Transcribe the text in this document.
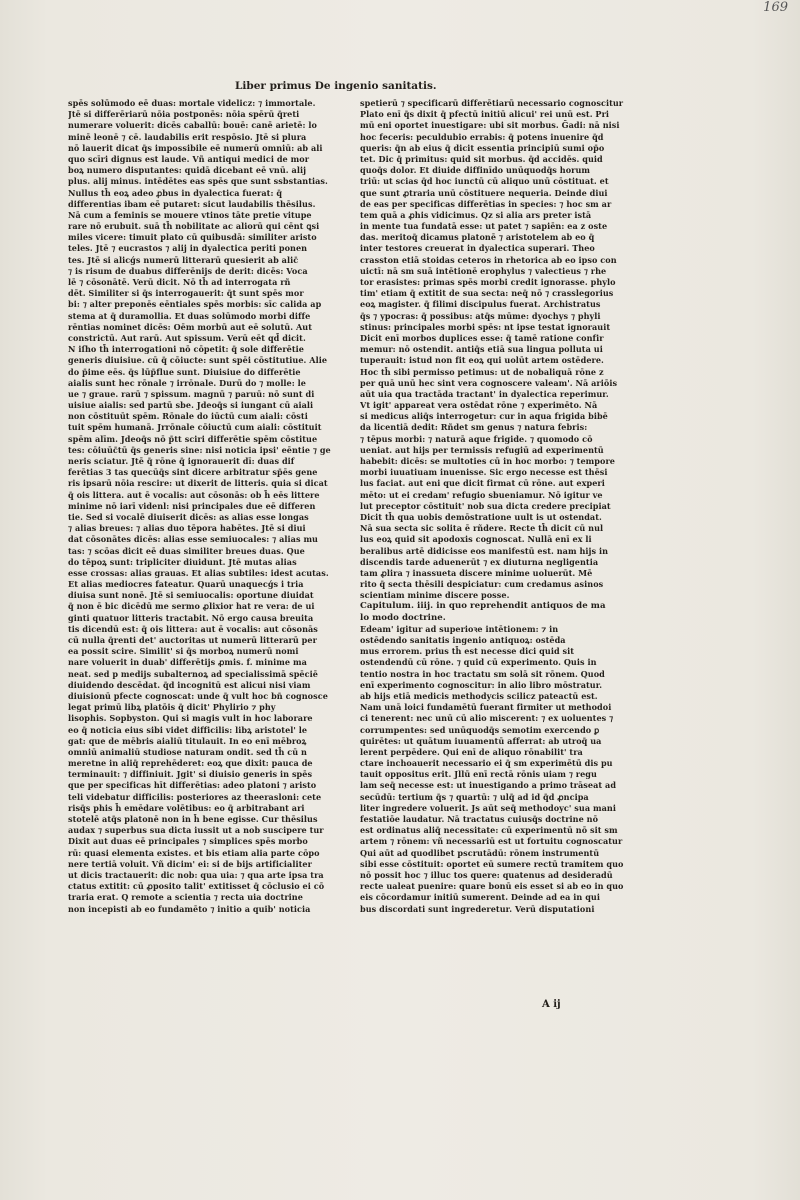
169
Liber primus De ingenio sanitatis.
spēs solūmodo eē duas: mortale videlicz: ⁊ immortale.
Jtē si differēriarū nōia postponēs: nōia spērū q̄reti
numerare voluerit: dicēs caballū: bouē: canē arietē: lo
minē leonē ⁊ cē. laudabilis erit respōsio. Jtē si plura
nō lauerit dicat q̄s impossibile eē numerū omniū: ab ali
quo scīri dignus est laude. Vñ antiqui medici de mor
boꝝ numero disputantes: quidā dicebant eē vnū. alij
plus. alij minus. intēdētes eas spēs que sunt ssbstantias.
Nullus th̄ eoꝝ adeo ꝓbus in dyalectica fuerat: q̄
differentias ibam eē putaret: sicut laudabilis thēsilus.
Nā cum a feminis se mouere vtinos tāte pretie vitupe
rare nō erubuit. suā th̄ nobilitate ac aliorū qui cēnt ꝗsi
miles vicere: timuit plato cū quibusdā: similiter aristo
teles. Jtē ⁊ eucrastos ⁊ alij in dyalectica periti ponen
tes. Jtē si alicǵs numerū litterarū quesierit ab alic̄
⁊ is risum de duabus differēnijs de derit: dicēs: Voca
lē ⁊ cōsonātē. Verū dicit. Nō th̄ ad interrogata rñ
dēt. Similiter si q̄s interrogauerit: q̄t sunt spēs mor
bi: ⁊ alter preponēs eēntiales spēs morbis: sīc calida ap
stema at q̄ duramollia. Et duas solūmodo morbi diffe
rēntias nominet dicēs: Oēm morbū aut eē solutū. Aut
constrictū. Aut rarū. Aut spissum. Verū eēt qd̄ dicit.
N iſho th̄ interrogationi nō cōpetit: q̄ sole differētie
generis diuisiue. cū q̄ cōiucte: sunt spēi cōstitutiue. Alie
do p̄ime eēs. q̄s lūp̄flue sunt. Diuisiue do differētie
aialis sunt hec rōnale ⁊ irrōnale. Durū do ⁊ molle: le
ue ⁊ graue. rarū ⁊ spissum. magnū ⁊ paruū: nō sunt di
uisiue aialis: sed partū sbe. Jdeoq̄s si iungant cū aiali
non cōstituūt spēm. Rōnale do iūctū cum aiali: cōsti
tuit spēm humanā. Jrrōnale cōiuctū cum aiali: cōstituit
spēm alīm. Jdeoq̄s nō p̄tt sciri differētie spēm cōstitue
tes: cōiuūc̄tū q̄s generis sine: nisi noticia ipsi' eēntie ⁊ ge
neris sciatur. Jtē q̄ rōne q̄ ignorauerit dī: duas dif
ferētias 3 tas quecūq̄s sint dicere arbitratur sp̄ēs gene
ris ipsarū nōia rescire: ut dixerit de litteris. quia si dicat
q̄ ois littera. aut ē vocalis: aut cōsonās: ob h̄ eēs littere
minime nō iarī videnl: nisi principales due eē differen
tie. Sed si vocalē diuiserit dicēs: as alias esse longas
⁊ alias breues: ⁊ alias duo tēpora habētes. Jtē si diui
dat cōsonātes dicēs: alias esse semiuocales: ⁊ alias mu
tas: ⁊ scōas dicit eē duas similiter breues duas. Que
do tēpoꝝ sunt: tripliciter diuidunt. Jtē mutas alias
esse crossas: alias grauas. Et alias subtiles: idest acutas.
Et alias mediocres fateatur. Quarū unaquecǵs i tria
diuisa sunt nonē. Jtē si semiuocalis: oportune diuidat
q̄ non ē bic dicēdū me sermo ꝓlixior hat re vera: de ui
ginti quatuor litteris tractabit. Nō ergo causa breuita
tis dicendū est: q̄ ois littera: aut ē vocalis: aut cōsonās
cū nulla q̄renti det' auctoritas ut numerū litterarū per
ea possit scire. Similit' si q̄s morboꝝ numerū nomi
nare voluerit in duab' differētijs ꝓmis. f. minime ma
neat. sed p medijs subalternoꝝ ad specialissimā spēciē
diuidendo descēdat. q̄d incognitū est alicui nisi viam
diuisionū pfecte cognoscat: unde q̄ vult hoc bn̄ cognosce
legat primū libꝝ platōis q̄ dicit' Phylirio ⁊ phy
lisophis. Sopbyston. Qui si magis vult in hoc laborare
eo q̄ noticia eius sibi videt difficilis: libꝝ aristotel' le
gat: que de mēbris aialiū titulauit. In eo enī mēbroꝝ
omniū animaliū studiose naturam ondit. sed th̄ cū n
meretne in aliq̄ reprehēderet: eoꝝ que dixit: pauca de
terminauit: ⁊ diffiniuit. Jgit' si diuisio generis in spēs
que per specificas hīt differētias: adeo platoni ⁊ aristo
teli videbatur difficilis: posteriores az theerasloni: cete
risq̄s phis h̄ emēdare volētibus: eo q̄ arbitrabant ari
stotelē atq̄s platonē non in h̄ bene egisse. Cur thēsilus
audax ⁊ superbus sua dicta iussit ut a nob suscipere tur
Dixit aut duas eē principales ⁊ simplices spēs morbo
rū: quasi elementa existes. et bis etiam alia parte cōpo
nere tertiā voluit. Vñ dicim' ei: si de bijs artificialiter
ut dicis tractauerit: dic nob: qua uia: ⁊ qua arte ipsa tra
ctatus extitit: cū ꝓposito talit' extitisset q̄ cōclusio ei cō
traria erat. Q remote a scientia ⁊ recta uia doctrine
non incepisti ab eo fundamēto ⁊ initio a quib' noticia
spetierū ⁊ specificarū differētiarū necessario cognoscitur
Plato enī q̄s dixit q̄ pfectū initiū alicui' rei unū est. Pri
mū eni oportet inuestigare: ubi sit morbus. Ḡadi: nā nisi
hoc feceris: peculdubio errabis: q̄ potens inuenire q̄d
queris: q̄n ab eius q̄ dicit essentia principiū sumi op̄o
tet. Dic q̄ primitus: quid sit morbus. q̄d accidēs. quid
quoq̄s dolor. Et diuide diffinīdo unūquodq̄s horum
triū: ut scias q̄d hoc iunctū cū aliquo unū cōstituat. et
que sunt ꝓtraria unū cōstituere nequeria. Deinde diui
de eas per specificas differētias in species: ⁊ hoc sm ar
tem quā a ꝓhis vidicimus. Qz si alia ars preter istā
in mente tua fundatā esse: ut patet ⁊ sapiēn: ea z oste
das. meritoq̄ dicamus platonē ⁊ aristotelem ab eo q̄
inter testores creuerat in dyalectica superari. Theo
crasston etiā stoidas ceteros in rhetorica ab eo ipso con
uictī: nā sm suā intētionē erophylus ⁊ valectieus ⁊ rhe
tor erasistes: primas spēs morbi credit ignorasse. phylo
tim' etiam q̄ extitit de sua secta: neq̄ nō ⁊ crasslegorius
eoꝝ magister. q̄ filimi discipulus fuerat. Archistratus
q̄s ⁊ ypocras: q̄ possibus: atq̄s mūme: dyochys ⁊ phyli
stinus: principales morbi spēs: nt ipse testat ignorauit
Dicit enī morbos duplices esse: q̄ tamē ratione confir
memur: nō ostendit. antiq̄s etiā sua lingua polluta ui
tuperauit: istud non fit eoꝝ qui uolūt artem ostēdere.
Hoc th̄ sibi permisso petimus: ut de nobaliquā rōne z
per quā unū hec sint vera cognoscere valeam'. Nā ariōis
aūt uia qua tractāda tractant' in dyalectica reperimur.
Vt igit' appareat vera ostēdat rōne ⁊ experimēto. Nā
si medicus aliq̄s interrogetur: cur in aqua frigida bibē
da licentiā dedit: Rñdet sm genus ⁊ natura febris:
⁊ tēpus morbi: ⁊ naturā aque frigide. ⁊ quomodo cō
ueniat. aut hijs per termissis refugiū ad experimentū
habebit: dicēs: se multoties cū in hoc morbo: ⁊ tempore
morbi iuuatiuam inuenisse. Sic ergo necesse est thēsi
lus faciat. aut eni que dicit firmat cū rōne. aut experi
mēto: ut ei credam' refugio sbueniamur. Nō igitur ve
lut preceptor cōstituit' nob sua dicta credere precipiat
Dicit th̄ qua uobis demōstratione uult is ut ostendat.
Nā sua secta sic solita ē rñdere. Recte th̄ dicit cū nul
lus eoꝝ quid sit apodoxis cognoscat. Nullā enī ex li
beralibus artē didicisse eos manifestū est. nam hijs in
discendis tarde aduenerūt ⁊ ex diuturna negligentia
tam ꝓlira ⁊ inassueta discere minime uoluerūt. Mē
rito q̄ secta thēsili despiciatur: cum credamus asinos
scientiam minime discere posse.
Capitulum. iiij. in quo reprehendit antiquos de ma
lo modo doctrine.
Edeam' igitur ad superioꝛe intētionem: ⁊ in
ostēdendo sanitatis ingenio antiquoꝝ: ostēda
mus errorem. prius th̄ est necesse dici quid sit
ostendendū cū rōne. ⁊ quid cū experimento. Quis in
tentio nostra in hoc tractatu sm solā sit rōnem. Quod
enī experimento cognoscitur: in alio libro mōstratur.
ab hijs etiā medicis methodycis scilicz pateactū est.
Nam unā loici fundamētū fuerant firmiter ut methodoi
ci tenerent: nec unū cū alio miscerent: ⁊ ex uoluentes ⁊
corrumpentes: sed unūquodq̄s semotim exercendo ꝑ
quirētes: ut quātum iuuamentū afferrat: ab utroq̄ ua
lerent perpēdere. Qui enī de aliquo rōnabilit' tra
ctare inchoauerit necessario ei q̄ sm experimētū dis pu
tauit oppositus erit. Jllū enī rectā rōnis uiam ⁊ regu
lam seq̄ necesse est: ut inuestigando a primo trāseat ad
secūdū: tertium q̄s ⁊ quartū: ⁊ ulq̄ ad id q̄d ꝓncipa
liter ingredere voluerit. Js aūt seq̄ methodoyc' sua mani
festatiōe laudatur. Nā tractatus cuiusq̄s doctrine nō
est ordinatus aliq̄ necessitate: cū experimentū nō sit sm
artem ⁊ rōnem: vñ necessariū est ut fortuitu cognoscatur
Qui aūt ad quodlibet pscrutādū: rōnem instrumentū
sibi esse cōstituit: oportet eū sumere rectū tramitem quo
nō possit hoc ⁊ illuc tos quere: quatenus ad desideradū
recte ualeat puenire: quare bonū eis esset si ab eo in quo
eis cōcordamur initiū sumerent. Deinde ad ea in qui
bus discordati sunt ingrederetur. Verū disputationi
A ij
